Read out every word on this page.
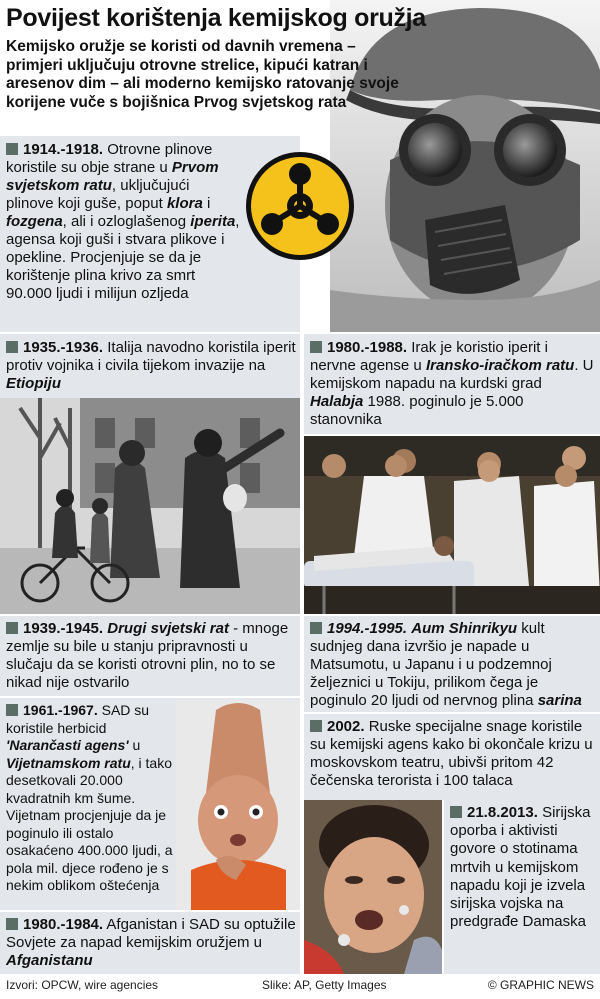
Povijest korištenja kemijskog oružja
Kemijsko oružje se koristi od davnih vremena – primjeri uključuju otrovne strelice, kipući katran i aresenov dim – ali moderno kemijsko ratovanje svoje korijene vuče s bojišnica Prvog svjetskog rata
1914.-1918. Otrovne plinove koristile su obje strane u Prvom svjetskom ratu, uključujući plinove koji guše, poput klora i fozgena, ali i ozloglašenog iperita, agensa koji guši i stvara plikove i opekline. Procjenjuje se da je korištenje plina krivo za smrt 90.000 ljudi i milijun ozljeda
1935.-1936. Italija navodno koristila iperit protiv vojnika i civila tijekom invazije na Etiopiju
1980.-1988. Irak je koristio iperit i nervne agense u Iransko-iračkom ratu. U kemijskom napadu na kurdski grad Halabja 1988. poginulo je 5.000 stanovnika
1939.-1945. Drugi svjetski rat - mnoge zemlje su bile u stanju pripravnosti u slučaju da se koristi otrovni plin, no to se nikad nije ostvarilo
1994.-1995. Aum Shinrikyu kult sudnjeg dana izvršio je napade u Matsumotu, u Japanu i u podzemnoj željeznici u Tokiju, prilikom čega je poginulo 20 ljudi od nervnog plina sarina
1961.-1967. SAD su koristile herbicid 'Narančasti agens' u Vijetnamskom ratu, i tako desetkovali 20.000 kvadratnih km šume. Vijetnam procjenjuje da je poginulo ili ostalo osakaćeno 400.000 ljudi, a pola mil. djece rođeno je s nekim oblikom oštećenja
2002. Ruske specijalne snage koristile su kemijski agens kako bi okončale krizu u moskovskom teatru, ubivši pritom 42 čečenska terorista i 100 talaca
21.8.2013. Sirijska oporba i aktivisti govore o stotinama mrtvih u kemijskom napadu koji je izvela sirijska vojska na predgrađe Damaska
1980.-1984. Afganistan i SAD su optužile Sovjete za napad kemijskim oružjem u Afganistanu
Izvori: OPCW, wire agencies	Slike: AP, Getty Images	© GRAPHIC NEWS
